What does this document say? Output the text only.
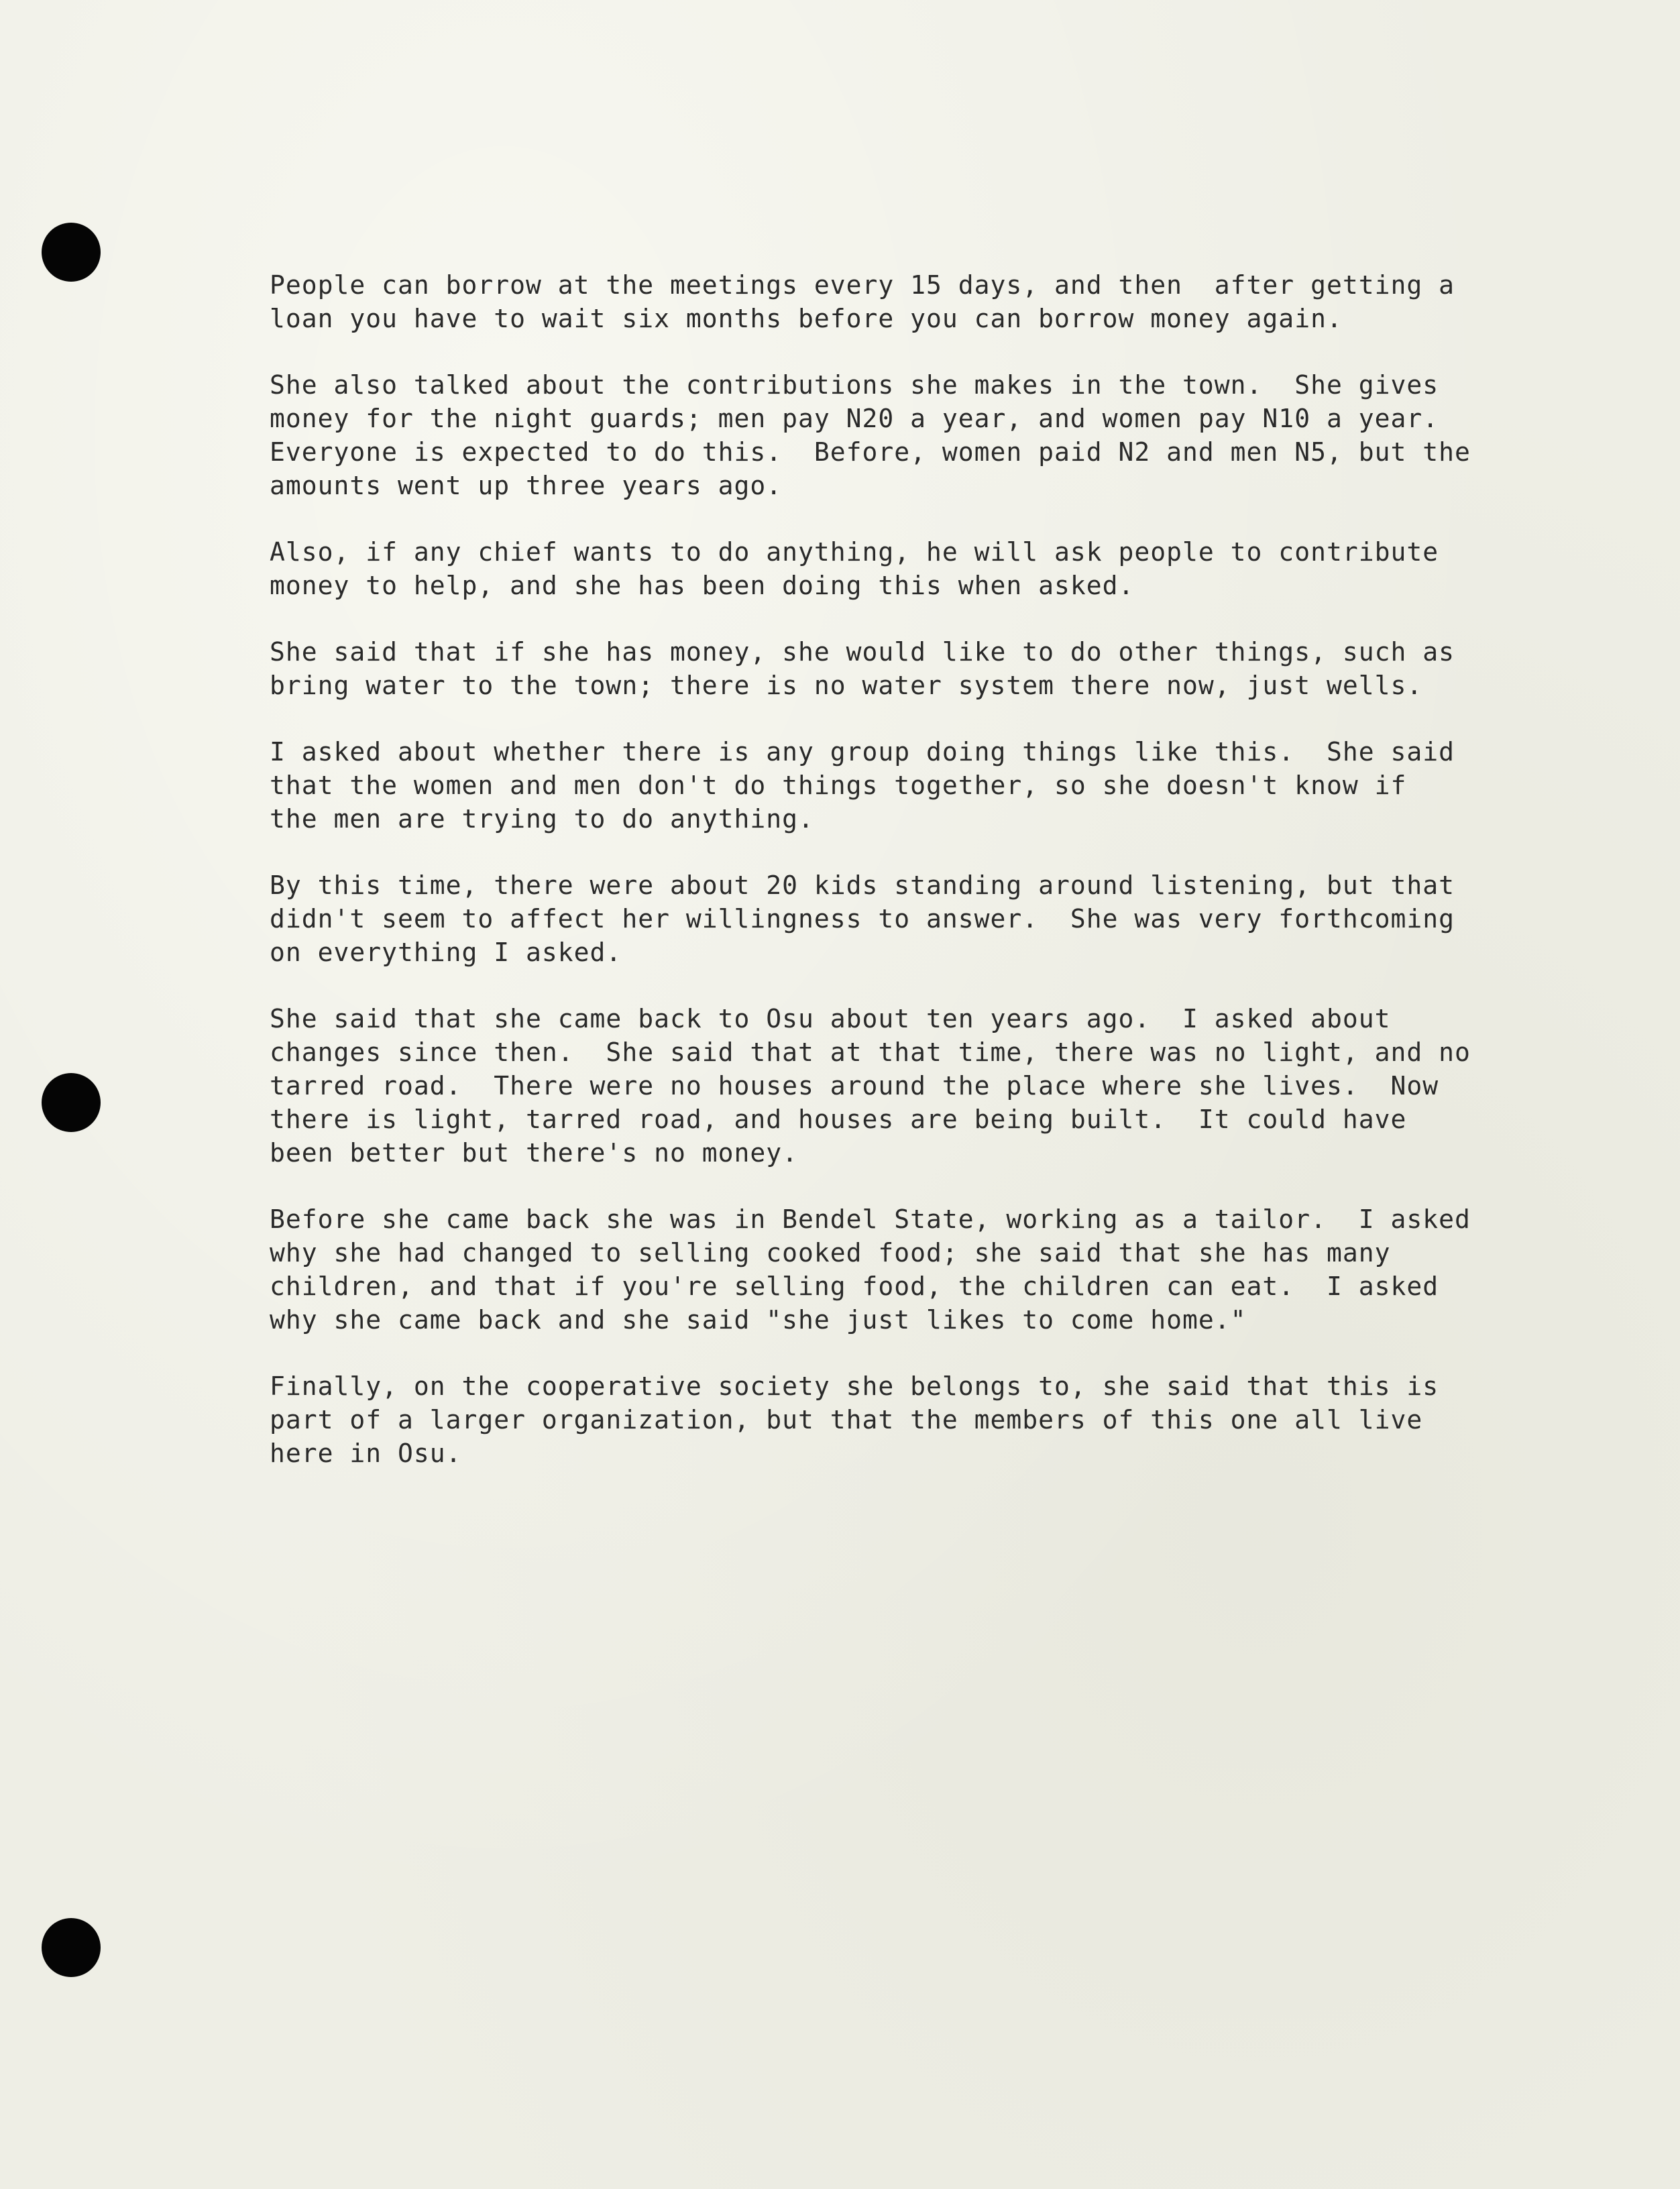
People can borrow at the meetings every 15 days, and then  after getting a
loan you have to wait six months before you can borrow money again.

She also talked about the contributions she makes in the town.  She gives
money for the night guards; men pay N20 a year, and women pay N10 a year.
Everyone is expected to do this.  Before, women paid N2 and men N5, but the
amounts went up three years ago.

Also, if any chief wants to do anything, he will ask people to contribute
money to help, and she has been doing this when asked.

She said that if she has money, she would like to do other things, such as
bring water to the town; there is no water system there now, just wells.

I asked about whether there is any group doing things like this.  She said
that the women and men don't do things together, so she doesn't know if
the men are trying to do anything.

By this time, there were about 20 kids standing around listening, but that
didn't seem to affect her willingness to answer.  She was very forthcoming
on everything I asked.

She said that she came back to Osu about ten years ago.  I asked about
changes since then.  She said that at that time, there was no light, and no
tarred road.  There were no houses around the place where she lives.  Now
there is light, tarred road, and houses are being built.  It could have
been better but there's no money.

Before she came back she was in Bendel State, working as a tailor.  I asked
why she had changed to selling cooked food; she said that she has many
children, and that if you're selling food, the children can eat.  I asked
why she came back and she said "she just likes to come home."

Finally, on the cooperative society she belongs to, she said that this is
part of a larger organization, but that the members of this one all live
here in Osu.
